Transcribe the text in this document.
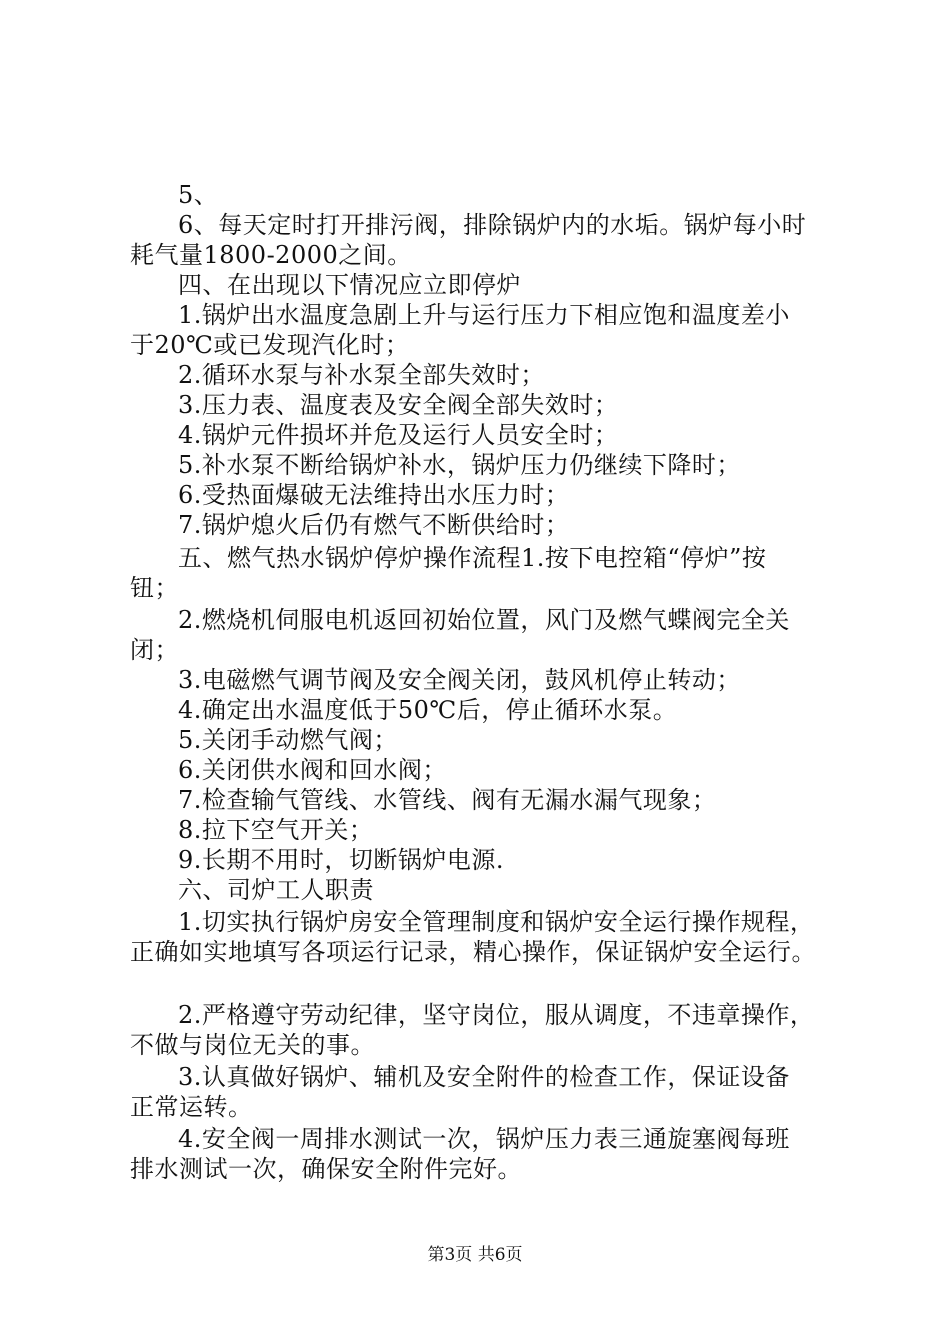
5、
6、每天定时打开排污阀，排除锅炉内的水垢。锅炉每小时
耗气量1800-2000之间。
四、在出现以下情况应立即停炉
1.锅炉出水温度急剧上升与运行压力下相应饱和温度差小
于20℃或已发现汽化时；
2.循环水泵与补水泵全部失效时；
3.压力表、温度表及安全阀全部失效时；
4.锅炉元件损坏并危及运行人员安全时；
5.补水泵不断给锅炉补水，锅炉压力仍继续下降时；
6.受热面爆破无法维持出水压力时；
7.锅炉熄火后仍有燃气不断供给时；
五、燃气热水锅炉停炉操作流程1.按下电控箱“停炉”按
钮；
2.燃烧机伺服电机返回初始位置，风门及燃气蝶阀完全关
闭；
3.电磁燃气调节阀及安全阀关闭，鼓风机停止转动；
4.确定出水温度低于50℃后，停止循环水泵。
5.关闭手动燃气阀；
6.关闭供水阀和回水阀；
7.检查输气管线、水管线、阀有无漏水漏气现象；
8.拉下空气开关；
9.长期不用时，切断锅炉电源.
六、司炉工人职责
1.切实执行锅炉房安全管理制度和锅炉安全运行操作规程，
正确如实地填写各项运行记录，精心操作，保证锅炉安全运行。
2.严格遵守劳动纪律，坚守岗位，服从调度，不违章操作，
不做与岗位无关的事。
3.认真做好锅炉、辅机及安全附件的检查工作，保证设备
正常运转。
4.安全阀一周排水测试一次，锅炉压力表三通旋塞阀每班
排水测试一次，确保安全附件完好。
第3页 共6页
